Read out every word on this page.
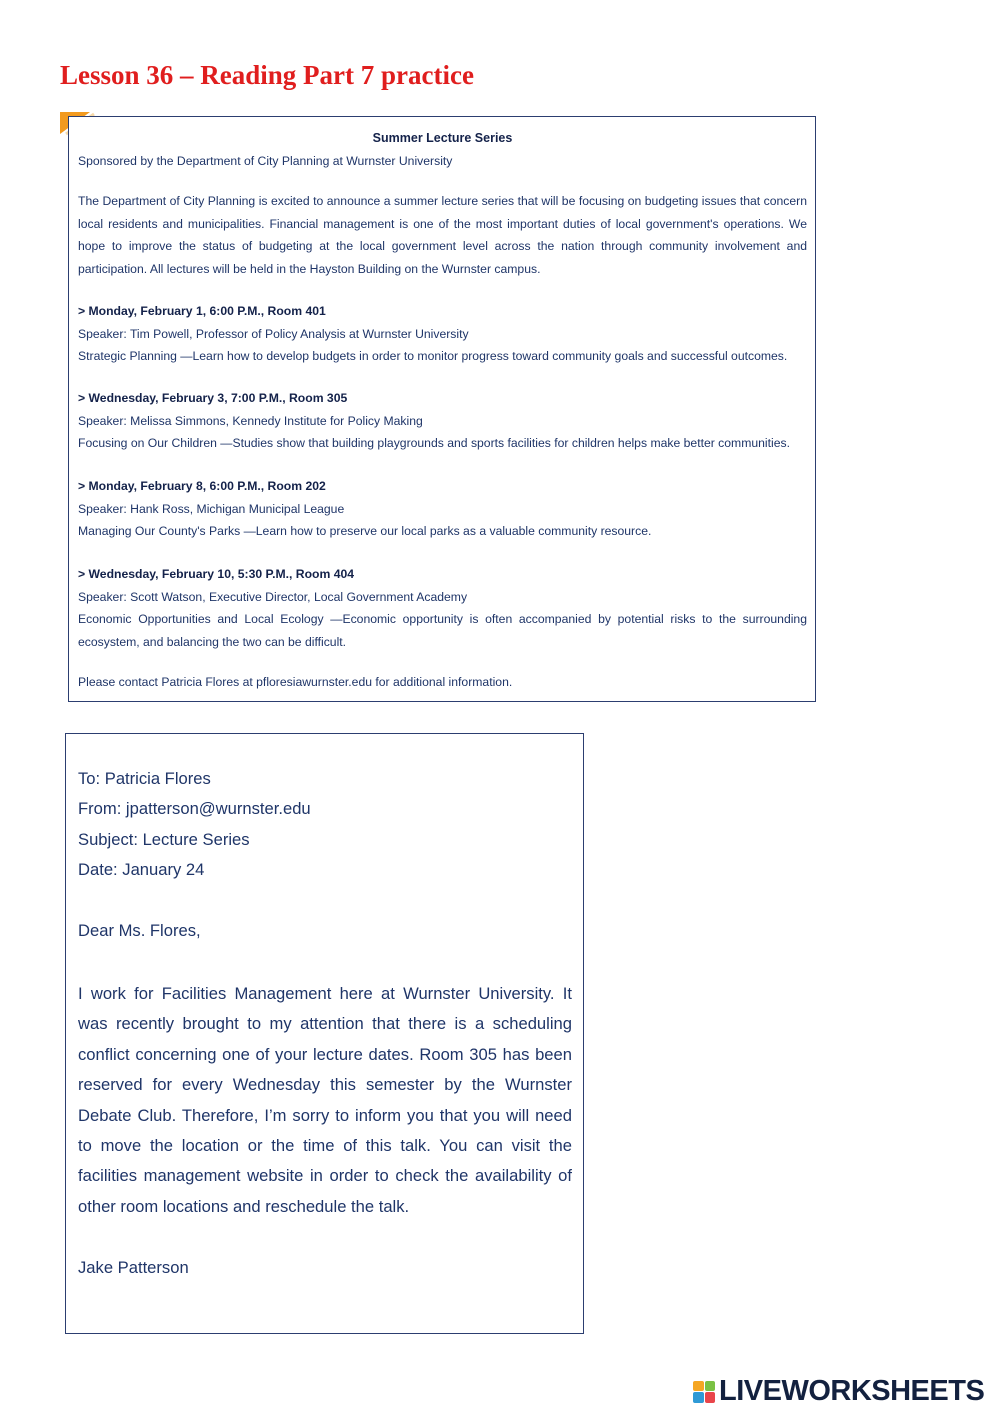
Lesson 36 – Reading Part 7 practice
Summer Lecture Series
Sponsored by the Department of City Planning at Wurnster University
The Department of City Planning is excited to announce a summer lecture series that will be focusing on budgeting issues that concern local residents and municipalities. Financial management is one of the most important duties of local government's operations. We hope to improve the status of budgeting at the local government level across the nation through community involvement and participation. All lectures will be held in the Hayston Building on the Wurnster campus.
> Monday, February 1, 6:00 P.M., Room 401
Speaker: Tim Powell, Professor of Policy Analysis at Wurnster University
Strategic Planning —Learn how to develop budgets in order to monitor progress toward community goals and successful outcomes.
> Wednesday, February 3, 7:00 P.M., Room 305
Speaker: Melissa Simmons, Kennedy Institute for Policy Making
Focusing on Our Children —Studies show that building playgrounds and sports facilities for children helps make better communities.
> Monday, February 8, 6:00 P.M., Room 202
Speaker: Hank Ross, Michigan Municipal League
Managing Our County's Parks —Learn how to preserve our local parks as a valuable community resource.
> Wednesday, February 10, 5:30 P.M., Room 404
Speaker: Scott Watson, Executive Director, Local Government Academy
Economic Opportunities and Local Ecology —Economic opportunity is often accompanied by potential risks to the surrounding ecosystem, and balancing the two can be difficult.
Please contact Patricia Flores at pfloresiawurnster.edu for additional information.
To: Patricia Flores
From: jpatterson@wurnster.edu
Subject: Lecture Series
Date: January 24
Dear Ms. Flores,
I work for Facilities Management here at Wurnster University. It was recently brought to my attention that there is a scheduling conflict concerning one of your lecture dates. Room 305 has been reserved for every Wednesday this semester by the Wurnster Debate Club. Therefore, I’m sorry to inform you that you will need to move the location or the time of this talk. You can visit the facilities management website in order to check the availability of other room locations and reschedule the talk.
Jake Patterson
LIVEWORKSHEETS
